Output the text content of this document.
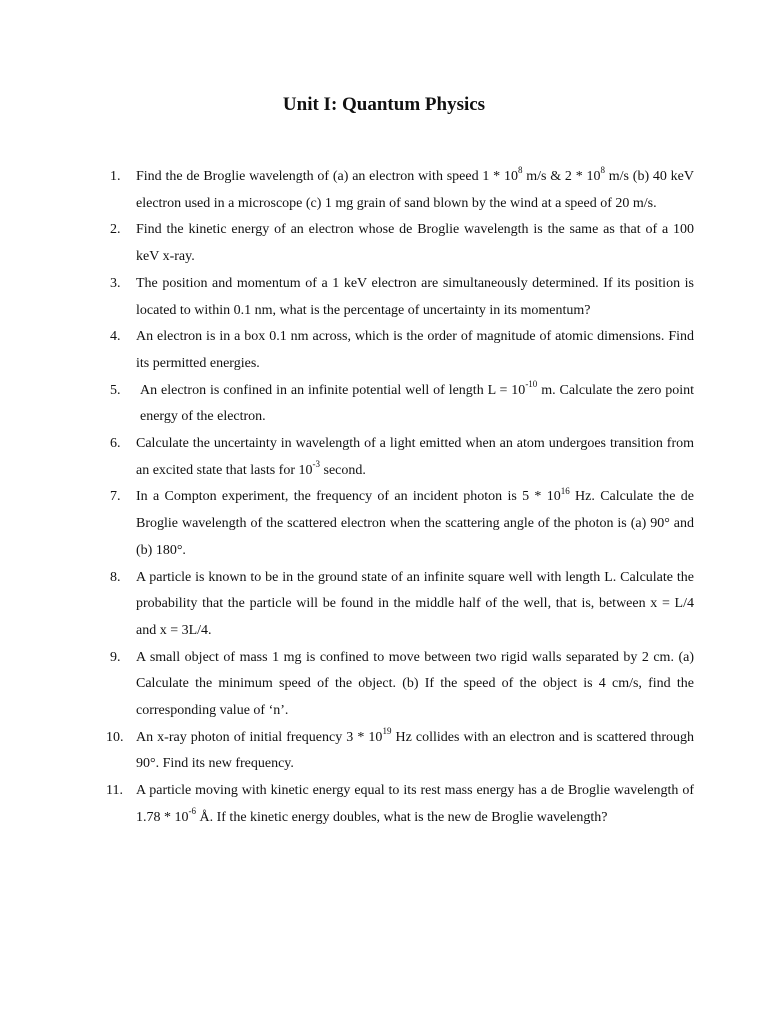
Unit I: Quantum Physics
1.	Find the de Broglie wavelength of (a) an electron with speed $1 * 10^8$ m/s & $2 * 10^8$ m/s (b) 40 keV electron used in a microscope (c) 1 mg grain of sand blown by the wind at a speed of 20 m/s.
2.	Find the kinetic energy of an electron whose de Broglie wavelength is the same as that of a 100 keV x-ray.
3.	The position and momentum of a 1 keV electron are simultaneously determined. If its position is located to within 0.1 nm, what is the percentage of uncertainty in its momentum?
4.	An electron is in a box 0.1 nm across, which is the order of magnitude of atomic dimensions. Find its permitted energies.
5.	An electron is confined in an infinite potential well of length $L = 10^{-10}$ m. Calculate the zero point energy of the electron.
6.	Calculate the uncertainty in wavelength of a light emitted when an atom undergoes transition from an excited state that lasts for $10^{-3}$ second.
7.	In a Compton experiment, the frequency of an incident photon is $5 * 10^{16}$ Hz. Calculate the de Broglie wavelength of the scattered electron when the scattering angle of the photon is (a) 90° and (b) 180°.
8.	A particle is known to be in the ground state of an infinite square well with length L. Calculate the probability that the particle will be found in the middle half of the well, that is, between x = L/4 and x = 3L/4.
9.	A small object of mass 1 mg is confined to move between two rigid walls separated by 2 cm. (a) Calculate the minimum speed of the object. (b) If the speed of the object is 4 cm/s, find the corresponding value of ‘n’.
10. An x-ray photon of initial frequency $3 * 10^{19}$ Hz collides with an electron and is scattered through 90°. Find its new frequency.
11. A particle moving with kinetic energy equal to its rest mass energy has a de Broglie wavelength of $1.78 * 10^{-6}$ Å. If the kinetic energy doubles, what is the new de Broglie wavelength?
